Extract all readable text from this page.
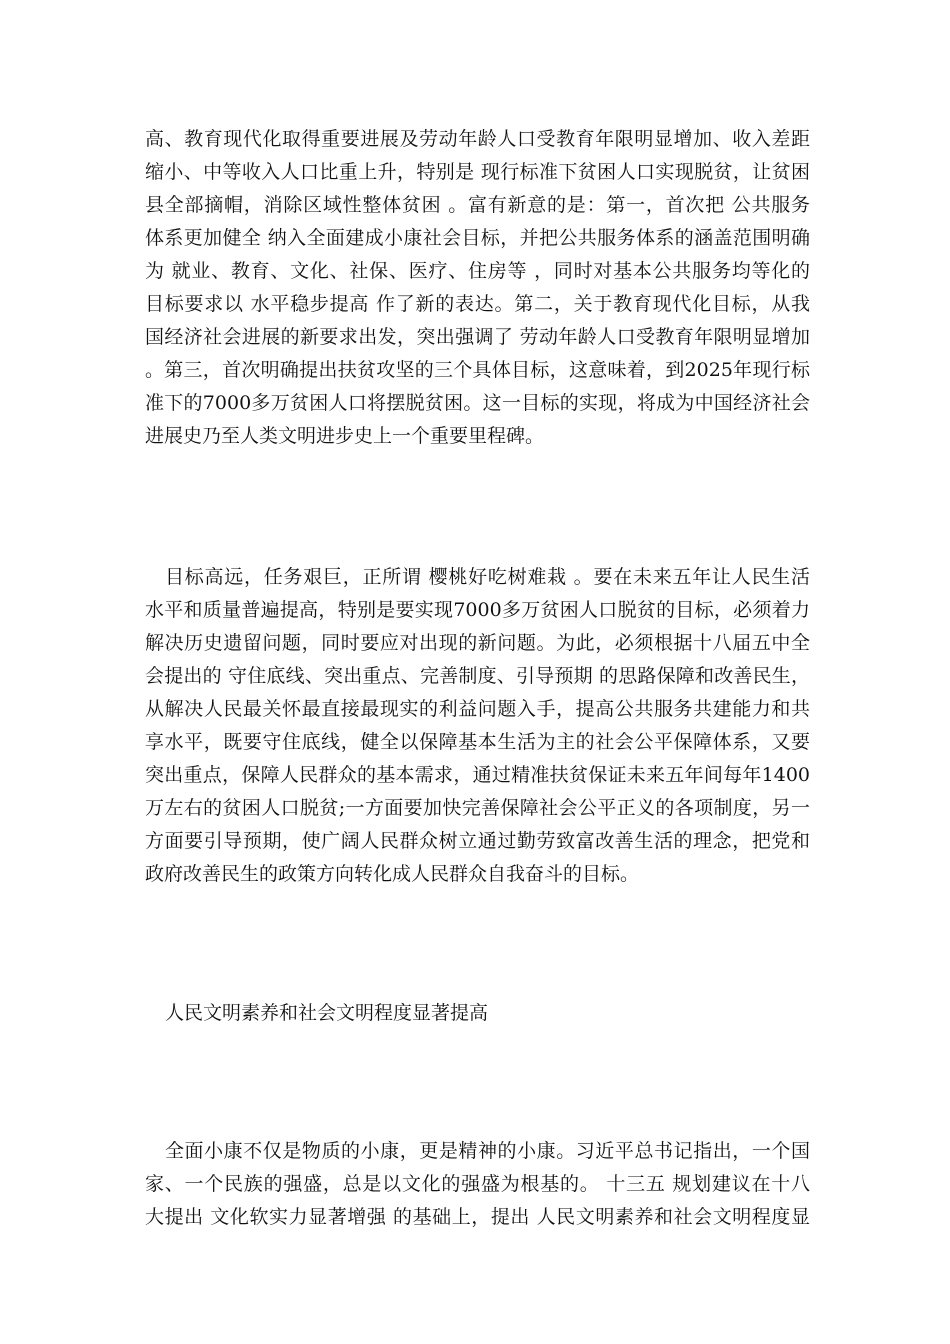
高、教育现代化取得重要进展及劳动年龄人口受教育年限明显增加、收入差距
缩小、中等收入人口比重上升，特别是 现行标准下贫困人口实现脱贫，让贫困
县全部摘帽，消除区域性整体贫困 。富有新意的是：第一，首次把 公共服务
体系更加健全 纳入全面建成小康社会目标，并把公共服务体系的涵盖范围明确
为 就业、教育、文化、社保、医疗、住房等 ，同时对基本公共服务均等化的
目标要求以 水平稳步提高 作了新的表达。第二，关于教育现代化目标，从我
国经济社会进展的新要求出发，突出强调了 劳动年龄人口受教育年限明显增加
。第三，首次明确提出扶贫攻坚的三个具体目标，这意味着，到2025年现行标
准下的7000多万贫困人口将摆脱贫困。这一目标的实现，将成为中国经济社会
进展史乃至人类文明进步史上一个重要里程碑。
目标高远，任务艰巨，正所谓 樱桃好吃树难栽 。要在未来五年让人民生活
水平和质量普遍提高，特别是要实现7000多万贫困人口脱贫的目标，必须着力
解决历史遗留问题，同时要应对出现的新问题。为此，必须根据十八届五中全
会提出的 守住底线、突出重点、完善制度、引导预期 的思路保障和改善民生，
从解决人民最关怀最直接最现实的利益问题入手，提高公共服务共建能力和共
享水平，既要守住底线，健全以保障基本生活为主的社会公平保障体系，又要
突出重点，保障人民群众的基本需求，通过精准扶贫保证未来五年间每年1400
万左右的贫困人口脱贫;一方面要加快完善保障社会公平正义的各项制度，另一
方面要引导预期，使广阔人民群众树立通过勤劳致富改善生活的理念，把党和
政府改善民生的政策方向转化成人民群众自我奋斗的目标。
人民文明素养和社会文明程度显著提高
全面小康不仅是物质的小康，更是精神的小康。习近平总书记指出，一个国
家、一个民族的强盛，总是以文化的强盛为根基的。 十三五 规划建议在十八
大提出 文化软实力显著增强 的基础上，提出 人民文明素养和社会文明程度显
